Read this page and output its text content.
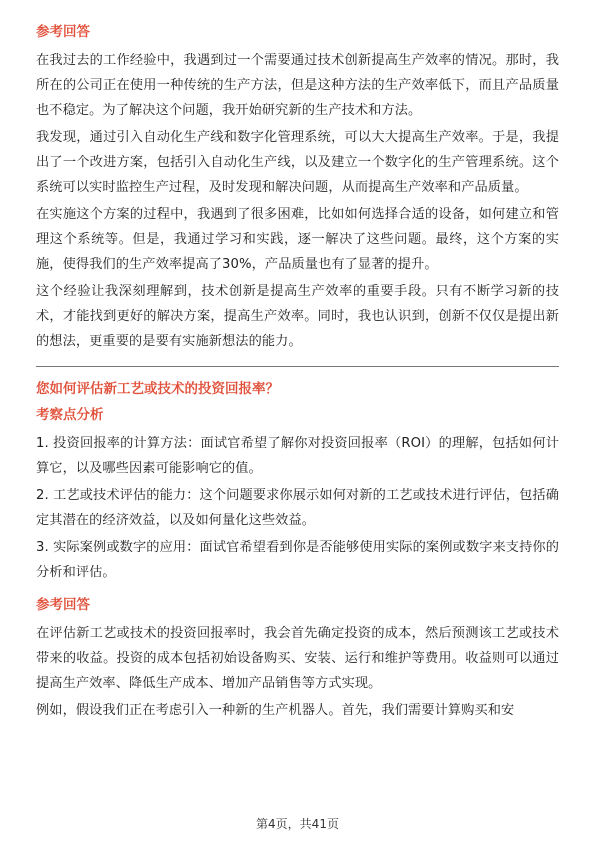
参考回答

在我过去的工作经验中，我遇到过一个需要通过技术创新提高生产效率的情况。那时，我所在的公司正在使用一种传统的生产方法，但是这种方法的生产效率低下，而且产品质量也不稳定。为了解决这个问题，我开始研究新的生产技术和方法。

我发现，通过引入自动化生产线和数字化管理系统，可以大大提高生产效率。于是，我提出了一个改进方案，包括引入自动化生产线，以及建立一个数字化的生产管理系统。这个系统可以实时监控生产过程，及时发现和解决问题，从而提高生产效率和产品质量。

在实施这个方案的过程中，我遇到了很多困难，比如如何选择合适的设备，如何建立和管理这个系统等。但是，我通过学习和实践，逐一解决了这些问题。最终，这个方案的实施，使得我们的生产效率提高了30%，产品质量也有了显著的提升。

这个经验让我深刻理解到，技术创新是提高生产效率的重要手段。只有不断学习新的技术，才能找到更好的解决方案，提高生产效率。同时，我也认识到，创新不仅仅是提出新的想法，更重要的是要有实施新想法的能力。

您如何评估新工艺或技术的投资回报率？
考察点分析

1. 投资回报率的计算方法：面试官希望了解你对投资回报率（ROI）的理解，包括如何计算它，以及哪些因素可能影响它的值。

2. 工艺或技术评估的能力：这个问题要求你展示如何对新的工艺或技术进行评估，包括确定其潜在的经济效益，以及如何量化这些效益。

3. 实际案例或数字的应用：面试官希望看到你是否能够使用实际的案例或数字来支持你的分析和评估。

参考回答

在评估新工艺或技术的投资回报率时，我会首先确定投资的成本，然后预测该工艺或技术带来的收益。投资的成本包括初始设备购买、安装、运行和维护等费用。收益则可以通过提高生产效率、降低生产成本、增加产品销售等方式实现。

例如，假设我们正在考虑引入一种新的生产机器人。首先，我们需要计算购买和安

第4页，共41页
